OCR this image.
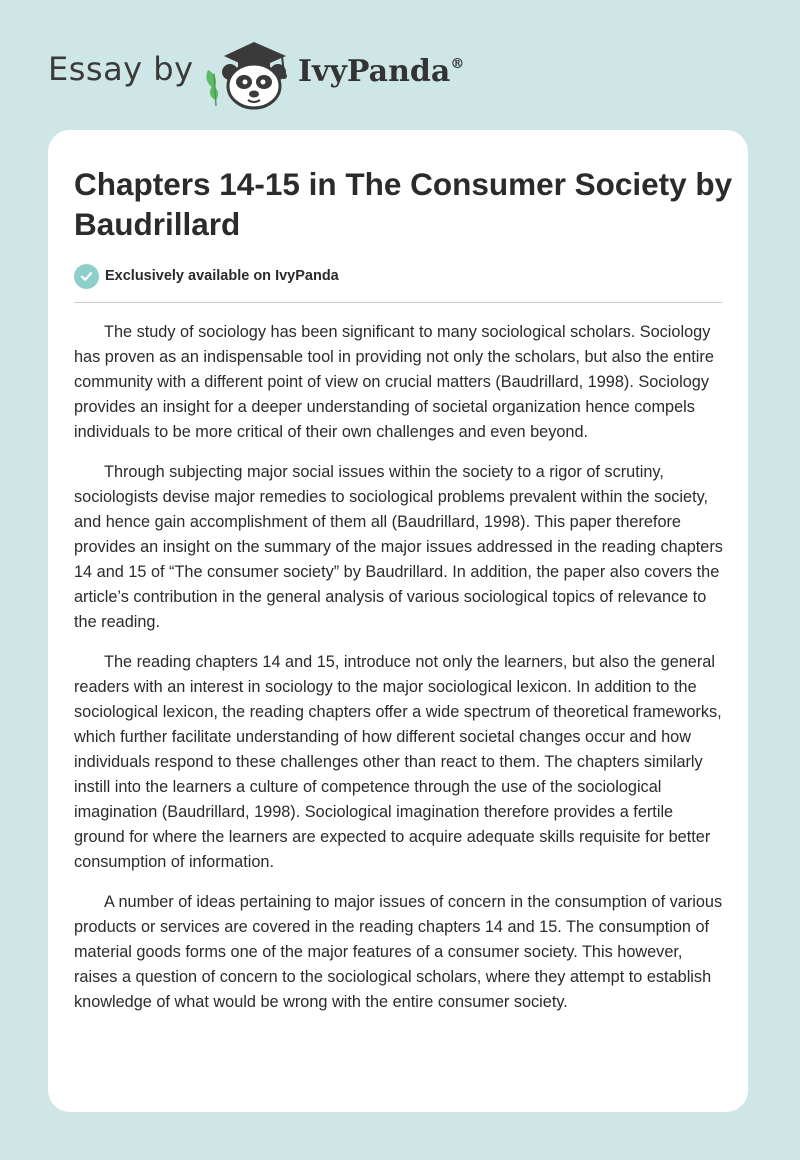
Essay by	IvyPanda®
Chapters 14-15 in The Consumer Society by Baudrillard
Exclusively available on IvyPanda

The study of sociology has been significant to many sociological scholars. Sociology has proven as an indispensable tool in providing not only the scholars, but also the entire community with a different point of view on crucial matters (Baudrillard, 1998). Sociology provides an insight for a deeper understanding of societal organization hence compels individuals to be more critical of their own challenges and even beyond.

Through subjecting major social issues within the society to a rigor of scrutiny, sociologists devise major remedies to sociological problems prevalent within the society, and hence gain accomplishment of them all (Baudrillard, 1998). This paper therefore provides an insight on the summary of the major issues addressed in the reading chapters 14 and 15 of “The consumer society” by Baudrillard. In addition, the paper also covers the article’s contribution in the general analysis of various sociological topics of relevance to the reading.

The reading chapters 14 and 15, introduce not only the learners, but also the general readers with an interest in sociology to the major sociological lexicon. In addition to the sociological lexicon, the reading chapters offer a wide spectrum of theoretical frameworks, which further facilitate understanding of how different societal changes occur and how individuals respond to these challenges other than react to them. The chapters similarly instill into the learners a culture of competence through the use of the sociological imagination (Baudrillard, 1998). Sociological imagination therefore provides a fertile ground for where the learners are expected to acquire adequate skills requisite for better consumption of information.

A number of ideas pertaining to major issues of concern in the consumption of various products or services are covered in the reading chapters 14 and 15. The consumption of material goods forms one of the major features of a consumer society. This however, raises a question of concern to the sociological scholars, where they attempt to establish knowledge of what would be wrong with the entire consumer society.
